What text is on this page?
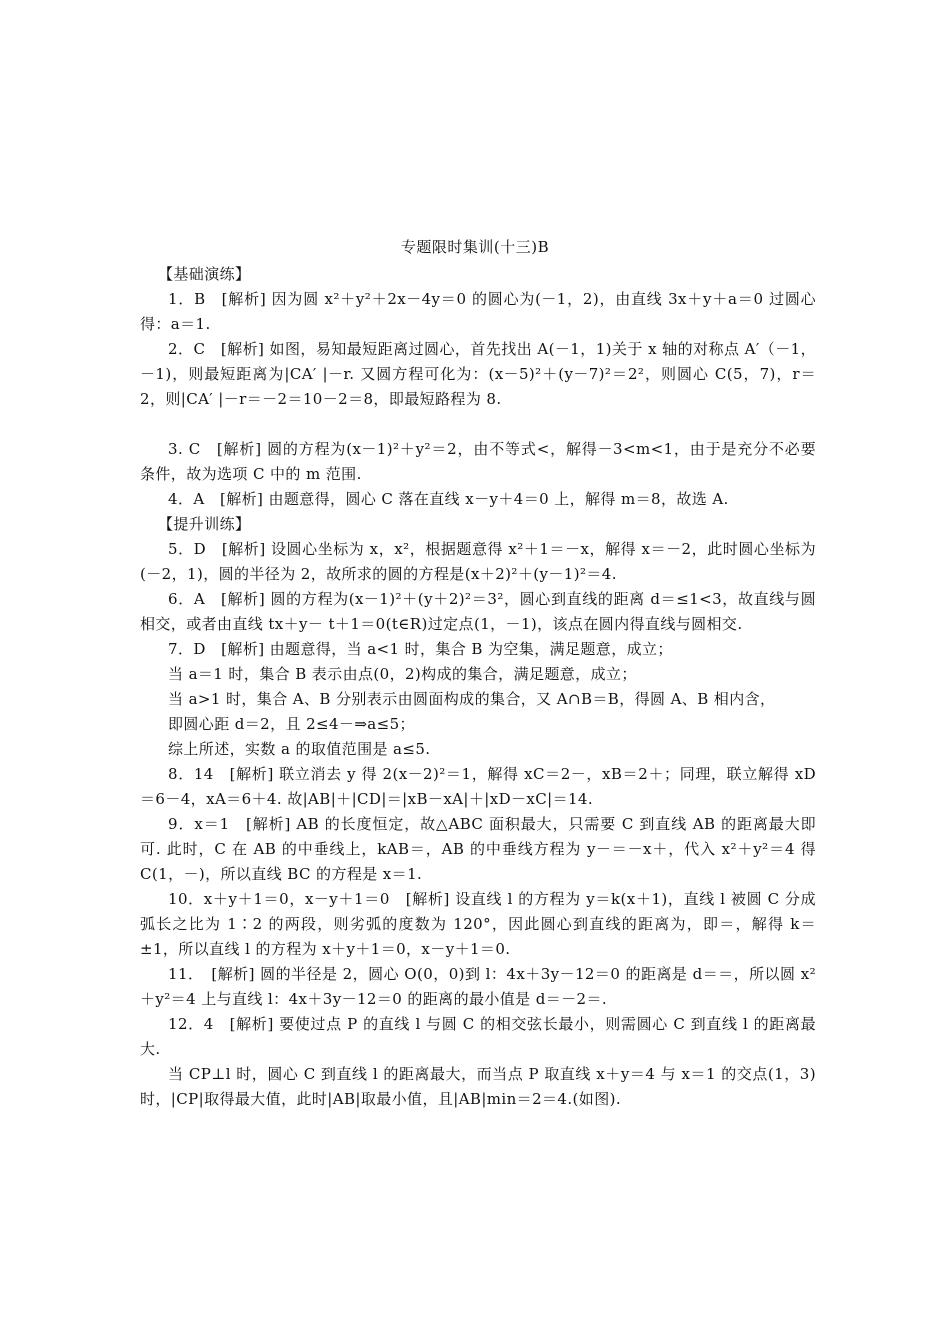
专题限时集训(十三)B

【基础演练】

1．B　[解析] 因为圆 x²＋y²＋2x－4y＝0 的圆心为(－1，2)，由直线 3x＋y＋a＝0 过圆心得：a＝1.

2．C　[解析] 如图，易知最短距离过圆心，首先找出 A(－1，1)关于 x 轴的对称点 A′（－1，－1)，则最短距离为|CA′ |－r. 又圆方程可化为：(x－5)²＋(y－7)²＝2²，则圆心 C(5，7)，r＝2，则|CA′ |－r＝－2＝10－2＝8，即最短路程为 8.

3. C　[解析] 圆的方程为(x－1)²＋y²＝2，由不等式<，解得－3<m<1，由于是充分不必要条件，故为选项 C 中的 m 范围.

4．A　[解析] 由题意得，圆心 C 落在直线 x－y＋4＝0 上，解得 m＝8，故选 A.

【提升训练】

5．D　[解析] 设圆心坐标为 x，x²，根据题意得 x²＋1＝－x，解得 x＝－2，此时圆心坐标为(－2，1)，圆的半径为 2，故所求的圆的方程是(x＋2)²＋(y－1)²＝4.

6．A　[解析] 圆的方程为(x－1)²＋(y＋2)²＝3²，圆心到直线的距离 d＝≤1<3，故直线与圆相交，或者由直线 tx＋y－ t＋1＝0(t∈R)过定点(1，－1)，该点在圆内得直线与圆相交.

7．D　[解析] 由题意得，当 a<1 时，集合 B 为空集，满足题意，成立；

当 a＝1 时，集合 B 表示由点(0，2)构成的集合，满足题意，成立；

当 a>1 时，集合 A、B 分别表示由圆面构成的集合，又 A∩B＝B，得圆 A、B 相内含，

即圆心距 d＝2，且 2≤4－⇒a≤5；

综上所述，实数 a 的取值范围是 a≤5.

8．14　[解析] 联立消去 y 得 2(x－2)²＝1，解得 xC＝2－，xB＝2＋；同理，联立解得 xD＝6－4，xA＝6＋4. 故|AB|＋|CD|＝|xB－xA|＋|xD－xC|＝14.

9．x＝1　[解析] AB 的长度恒定，故△ABC 面积最大，只需要 C 到直线 AB 的距离最大即可. 此时，C 在 AB 的中垂线上，kAB＝，AB 的中垂线方程为 y－＝－x＋，代入 x²＋y²＝4 得 C(1，－)，所以直线 BC 的方程是 x＝1.

10．x＋y＋1＝0，x－y＋1＝0　[解析] 设直线 l 的方程为 y＝k(x＋1)，直线 l 被圆 C 分成弧长之比为 1∶2 的两段，则劣弧的度数为 120°，因此圆心到直线的距离为，即＝，解得 k＝±1，所以直线 l 的方程为 x＋y＋1＝0，x－y＋1＝0.

11．　[解析] 圆的半径是 2，圆心 O(0，0)到 l：4x＋3y－12＝0 的距离是 d＝＝，所以圆 x²＋y²＝4 上与直线 l：4x＋3y－12＝0 的距离的最小值是 d＝－2＝.

12．4　[解析] 要使过点 P 的直线 l 与圆 C 的相交弦长最小，则需圆心 C 到直线 l 的距离最大.

当 CP⊥l 时，圆心 C 到直线 l 的距离最大，而当点 P 取直线 x＋y＝4 与 x＝1 的交点(1，3)时，|CP|取得最大值，此时|AB|取最小值，且|AB|min＝2＝4.(如图).
